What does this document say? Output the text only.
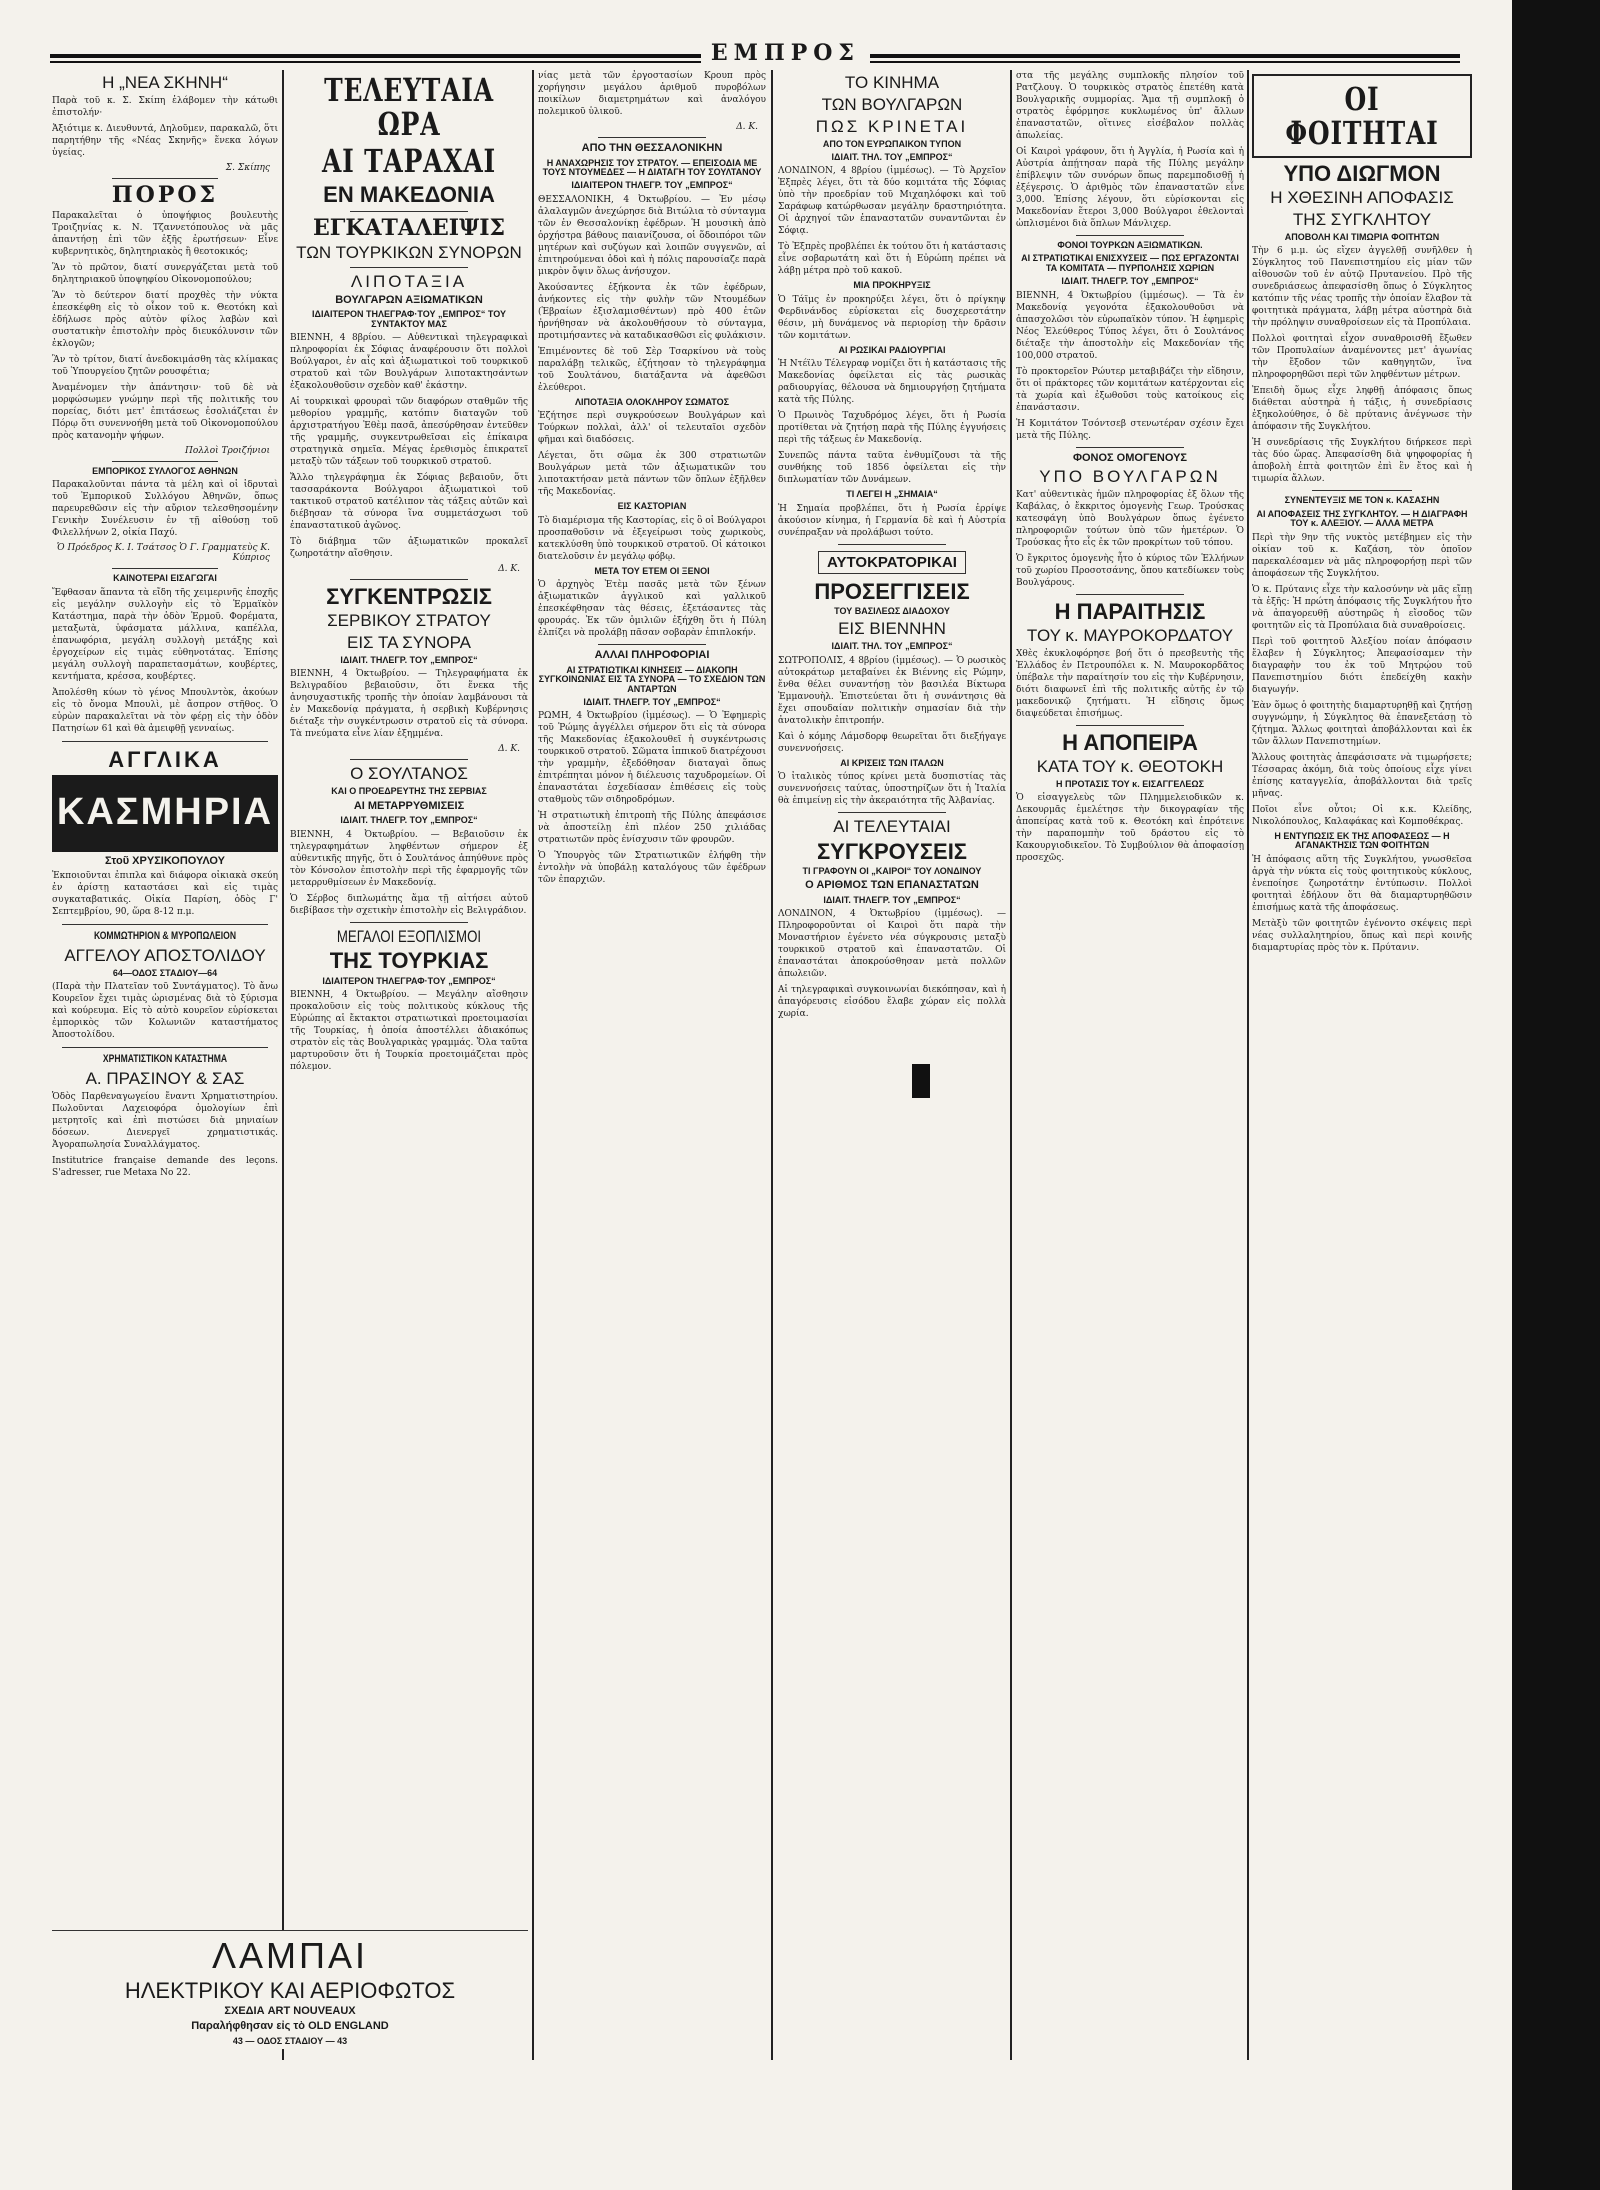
ΕΜΠΡΟΣ
Η „ΝΕΑ ΣΚΗΝΗ“

Παρὰ τοῦ κ. Σ. Σκίπη ἐλάβομεν τὴν κάτωθι ἐπιστολήν·

Ἀξιότιμε κ. Διευθυντά, Δηλοῦμεν, παρακαλῶ, ὅτι παρητήθην τῆς «Νέας Σκηνῆς» ἕνεκα λόγων ὑγείας.

Σ. Σκίπης
ΠΟΡΟΣ

Παρακαλεῖται ὁ ὑποψήφιος βουλευτὴς Τροιζηνίας κ. Ν. Τζαννετόπουλος νὰ μᾶς ἀπαντήσῃ ἐπὶ τῶν ἑξῆς ἐρωτήσεων· Εἶνε κυβερνητικὸς, δηλητηριακὸς ἢ θεοτοκικός;

Ἂν τὸ πρῶτον, διατί συνεργάζεται μετὰ τοῦ δηλητηριακοῦ ὑποψηφίου Οἰκονομοπούλου;

Ἂν τὸ δεύτερον διατί προχθὲς τὴν νύκτα ἐπεσκέφθη εἰς τὸ οἶκον τοῦ κ. Θεοτόκη καὶ ἐδήλωσε πρὸς αὐτὸν φίλος λαβὼν καὶ συστατικὴν ἐπιστολὴν πρὸς διευκόλυνσιν τῶν ἐκλογῶν;

Ἂν τὸ τρίτον, διατί ἀνεδοκιμάσθη τὰς κλίμακας τοῦ Ὑπουργείου ζητῶν ρουσφέτια;

Ἀναμένομεν τὴν ἀπάντησιν· τοῦ δὲ νὰ μορφώσωμεν γνώμην περὶ τῆς πολιτικῆς του πορείας, διότι μετ' ἐπιτάσεως ἐσολιάζεται ἐν Πόρῳ ὅτι συνεννοήθη μετὰ τοῦ Οἰκονομοπούλου πρὸς κατανομὴν ψήφων.

Πολλοὶ Τροιζήνιοι
ΕΜΠΟΡΙΚΟΣ ΣΥΛΛΟΓΟΣ ΑΘΗΝΩΝ

Παρακαλοῦνται πάντα τὰ μέλη καὶ οἱ ἱδρυταὶ τοῦ Ἐμπορικοῦ Συλλόγου Ἀθηνῶν, ὅπως παρευρεθῶσιν εἰς τὴν αὔριον τελεσθησομένην Γενικὴν Συνέλευσιν ἐν τῇ αἰθούσῃ τοῦ Φιλελλήνων 2, οἰκία Παχύ.

Ὁ Πρόεδρος Κ. Ι. Τσάτσος Ὁ Γ. Γραμματεὺς Κ. Κύπριος
ΚΑΙΝΟΤΕΡΑΙ ΕΙΣΑΓΩΓΑΙ

Ἔφθασαν ἅπαντα τὰ εἴδη τῆς χειμερινῆς ἐποχῆς εἰς μεγάλην συλλογὴν εἰς τὸ Ἑρμαϊκὸν Κατάστημα, παρὰ τὴν ὁδὸν Ἑρμοῦ. Φορέματα, μεταξωτὰ, ὑφάσματα μάλλινα, καπέλλα, ἐπανωφόρια, μεγάλη συλλογὴ μετάξης καὶ ἐργοχείρων εἰς τιμὰς εὐθηνοτάτας. Ἐπίσης μεγάλη συλλογὴ παραπετασμάτων, κουβέρτες, κεντήματα, κρέσσα, κουβέρτες.

Ἀπολέσθη κύων τὸ γένος Μπουλντὸκ, ἀκούων εἰς τὸ ὄνομα Μπουλὶ, μὲ ἄσπρον στῆθος. Ὁ εὑρὼν παρακαλεῖται νὰ τὸν φέρῃ εἰς τὴν ὁδὸν Πατησίων 61 καὶ θὰ ἀμειφθῇ γενναίως.

ΑΓΓΛΙΚΑ
ΚΑΣΜΗΡΙΑ
Στοῦ ΧΡΥΣΙΚΟΠΟΥΛΟΥ

Ἐκποιοῦνται ἐπιπλα καὶ διάφορα οἰκιακὰ σκεύη ἐν ἀρίστῃ καταστάσει καὶ εἰς τιμὰς συγκαταβατικάς. Οἰκία Παρίση, ὁδὸς Γ' Σεπτεμβρίου, 90, ὥρα 8-12 π.μ.

ΚΟΜΜΩΤΗΡΙΟΝ & ΜΥΡΟΠΩΛΕΙΟΝ
ΑΓΓΕΛΟΥ ΑΠΟΣΤΟΛΙΔΟΥ
64—ΟΔΟΣ ΣΤΑΔΙΟΥ—64

(Παρὰ τὴν Πλατεῖαν τοῦ Συντάγματος). Τὸ ἄνω Κουρεῖον ἔχει τιμὰς ὡρισμένας διὰ τὸ ξύρισμα καὶ κούρευμα. Εἰς τὸ αὐτὸ κουρεῖον εὑρίσκεται ἐμπορικὸς τῶν Κολωνιῶν καταστήματος Ἀποστολίδου.

ΧΡΗΜΑΤΙΣΤΙΚΟΝ ΚΑΤΑΣΤΗΜΑ
Α. ΠΡΑΣΙΝΟΥ & ΣΑΣ

Ὁδὸς Παρθεναγωγείου ἔναντι Χρηματιστηρίου. Πωλοῦνται Λαχειοφόρα ὁμολογίων ἐπὶ μετρητοῖς καὶ ἐπὶ πιστώσει διὰ μηνιαίων δόσεων. Διενεργεῖ χρηματιστικάς. Ἀγοραπωλησία Συναλλάγματος.

Institutrice française demande des leçons. S'adresser, rue Metaxa No 22.

ΤΕΛΕΥΤΑΙΑ ΩΡΑ
ΑΙ ΤΑΡΑΧΑΙ
ΕΝ ΜΑΚΕΔΟΝΙΑ
ΕΓΚΑΤΑΛΕΙΨΙΣ
ΤΩΝ ΤΟΥΡΚΙΚΩΝ ΣΥΝΟΡΩΝ
ΛΙΠΟΤΑΞΙΑ
ΒΟΥΛΓΑΡΩΝ ΑΞΙΩΜΑΤΙΚΩΝ
ΙΔΙΑΙΤΕΡΟΝ ΤΗΛΕΓΡΑΦ·ΤΟΥ „ΕΜΠΡΟΣ“ ΤΟΥ ΣΥΝΤΑΚΤΟΥ ΜΑΣ

ΒΙΕΝΝΗ, 4 8βρίου. — Αὐθεντικαὶ τηλεγραφικαὶ πληροφορίαι ἐκ Σόφιας ἀναφέρουσιν ὅτι πολλοὶ Βούλγαροι, ἐν αἷς καὶ ἀξιωματικοὶ τοῦ τουρκικοῦ στρατοῦ καὶ τῶν Βουλγάρων λιποτακτησάντων ἐξακολουθοῦσιν σχεδὸν καθ' ἑκάστην.

Αἱ τουρκικαὶ φρουραὶ τῶν διαφόρων σταθμῶν τῆς μεθορίου γραμμῆς, κατόπιν διαταγῶν τοῦ ἀρχιστρατήγου Ἐθὲμ πασᾶ, ἀπεσύρθησαν ἐντεῦθεν τῆς γραμμῆς, συγκεντρωθεῖσαι εἰς ἐπίκαιρα στρατηγικὰ σημεῖα. Μέγας ἐρεθισμὸς ἐπικρατεῖ μεταξὺ τῶν τάξεων τοῦ τουρκικοῦ στρατοῦ.

Ἄλλο τηλεγράφημα ἐκ Σόφιας βεβαιοῦν, ὅτι τασσαράκοντα Βούλγαροι ἀξιωματικοὶ τοῦ τακτικοῦ στρατοῦ κατέλιπον τὰς τάξεις αὐτῶν καὶ διέβησαν τὰ σύνορα ἵνα συμμετάσχωσι τοῦ ἐπαναστατικοῦ ἀγῶνος.

Τὸ διάβημα τῶν ἀξιωματικῶν προκαλεῖ ζωηροτάτην αἴσθησιν.

Δ. Κ.
ΣΥΓΚΕΝΤΡΩΣΙΣ
ΣΕΡΒΙΚΟΥ ΣΤΡΑΤΟΥ
ΕΙΣ ΤΑ ΣΥΝΟΡΑ
ΙΔΙΑΙΤ. ΤΗΛΕΓΡ. ΤΟΥ „ΕΜΠΡΟΣ“

ΒΙΕΝΝΗ, 4 Ὀκτωβρίου. — Τηλεγραφήματα ἐκ Βελιγραδίου βεβαιοῦσιν, ὅτι ἕνεκα τῆς ἀνησυχαστικῆς τροπῆς τὴν ὁποίαν λαμβάνουσι τὰ ἐν Μακεδονίᾳ πράγματα, ἡ σερβικὴ Κυβέρνησις διέταξε τὴν συγκέντρωσιν στρατοῦ εἰς τὰ σύνορα. Τὰ πνεύματα εἶνε λίαν ἐξημμένα.

Δ. Κ.
Ο ΣΟΥΛΤΑΝΟΣ
ΚΑΙ Ο ΠΡΟΕΔΡΕΥΤΗΣ ΤΗΣ ΣΕΡΒΙΑΣ
ΑΙ ΜΕΤΑΡΡΥΘΜΙΣΕΙΣ
ΙΔΙΑΙΤ. ΤΗΛΕΓΡ. ΤΟΥ „ΕΜΠΡΟΣ“

ΒΙΕΝΝΗ, 4 Ὀκτωβρίου. — Βεβαιοῦσιν ἐκ τηλεγραφημάτων ληφθέντων σήμερον ἐξ αὐθεντικῆς πηγῆς, ὅτι ὁ Σουλτάνος ἀπηύθυνε πρὸς τὸν Κόνσολον ἐπιστολὴν περὶ τῆς ἐφαρμογῆς τῶν μεταρρυθμίσεων ἐν Μακεδονίᾳ.

Ὁ Σέρβος διπλωμάτης ἅμα τῇ αἰτήσει αὐτοῦ διεβίβασε τὴν σχετικὴν ἐπιστολὴν εἰς Βελιγράδιον.

ΜΕΓΑΛΟΙ ΕΞΟΠΛΙΣΜΟΙ
ΤΗΣ ΤΟΥΡΚΙΑΣ
ΙΔΙΑΙΤΕΡΟΝ ΤΗΛΕΓΡΑΦ·ΤΟΥ „ΕΜΠΡΟΣ“

ΒΙΕΝΝΗ, 4 Ὀκτωβρίου. — Μεγάλην αἴσθησιν προκαλοῦσιν εἰς τοὺς πολιτικοὺς κύκλους τῆς Εὐρώπης αἱ ἔκτακτοι στρατιωτικαὶ προετοιμασίαι τῆς Τουρκίας, ἡ ὁποία ἀποστέλλει ἀδιακόπως στρατὸν εἰς τὰς Βουλγαρικὰς γραμμάς. Ὅλα ταῦτα μαρτυροῦσιν ὅτι ἡ Τουρκία προετοιμάζεται πρὸς πόλεμον.

νίας μετὰ τῶν ἐργοστασίων Κρουπ πρὸς χορήγησιν μεγάλου ἀριθμοῦ πυροβόλων ποικίλων διαμετρημάτων καὶ ἀναλόγου πολεμικοῦ ὑλικοῦ.

Δ. Κ.
ΑΠΟ ΤΗΝ ΘΕΣΣΑΛΟΝΙΚΗΝ
Η ΑΝΑΧΩΡΗΣΙΣ ΤΟΥ ΣΤΡΑΤΟΥ. — ΕΠΕΙΣΟΔΙΑ ΜΕ ΤΟΥΣ ΝΤΟΥΜΕΔΕΣ — Η ΔΙΑΤΑΓΗ ΤΟΥ ΣΟΥΛΤΑΝΟΥ
ΙΔΙΑΙΤΕΡΟΝ ΤΗΛΕΓΡ. ΤΟΥ „ΕΜΠΡΟΣ“

ΘΕΣΣΑΛΟΝΙΚΗ, 4 Ὀκτωβρίου. — Ἐν μέσῳ ἀλαλαγμῶν ἀνεχώρησε διὰ Βιτώλια τὸ σύνταγμα τῶν ἐν Θεσσαλονίκῃ ἐφέδρων. Ἡ μουσικὴ ἀπὸ ὀρχήστρα βάθους παιανίζουσα, οἱ ὅδοιπόροι τῶν μητέρων καὶ συζύγων καὶ λοιπῶν συγγενῶν, αἱ ἐπιτηρούμεναι ὁδοὶ καὶ ἡ πόλις παρουσίαζε παρὰ μικρὸν ὄψιν ὅλως ἀνήσυχον.

Ἀκούσαντες ἐξήκοντα ἐκ τῶν ἐφέδρων, ἀνήκοντες εἰς τὴν φυλὴν τῶν Ντουμέδων (Ἑβραίων ἐξισλαμισθέντων) πρὸ 400 ἐτῶν ἠρνήθησαν νὰ ἀκολουθήσουν τὸ σύνταγμα, προτιμήσαντες νὰ καταδικασθῶσι εἰς φυλάκισιν.

Ἐπιμένοντες δὲ τοῦ Σὲρ Τσαρκίνου νὰ τοὺς παραλάβῃ τελικῶς, ἐζήτησαν τὸ τηλεγράφημα τοῦ Σουλτάνου, διατάξαντα νὰ ἀφεθῶσι ἐλεύθεροι.

ΛΙΠΟΤΑΞΙΑ ΟΛΟΚΛΗΡΟΥ ΣΩΜΑΤΟΣ

Ἐζήτησε περὶ συγκρούσεων Βουλγάρων καὶ Τούρκων πολλαὶ, ἀλλ' οἱ τελευταῖοι σχεδὸν φῆμαι καὶ διαδόσεις.

Λέγεται, ὅτι σῶμα ἐκ 300 στρατιωτῶν Βουλγάρων μετὰ τῶν ἀξιωματικῶν του λιποτακτήσαν μετὰ πάντων τῶν ὅπλων ἐξῆλθεν τῆς Μακεδονίας.

ΕΙΣ ΚΑΣΤΟΡΙΑΝ

Τὸ διαμέρισμα τῆς Καστορίας, εἰς ὃ οἱ Βούλγαροι προσπαθοῦσιν νὰ ἐξεγείρωσι τοὺς χωρικοὺς, κατεκλύσθη ὑπὸ τουρκικοῦ στρατοῦ. Οἱ κάτοικοι διατελοῦσιν ἐν μεγάλῳ φόβῳ.

ΜΕΤΑ ΤΟΥ ΕΤΕΜ ΟΙ ΞΕΝΟΙ

Ὁ ἀρχηγὸς Ἐτὲμ πασᾶς μετὰ τῶν ξένων ἀξιωματικῶν ἀγγλικοῦ καὶ γαλλικοῦ ἐπεσκέφθησαν τὰς θέσεις, ἐξετάσαντες τὰς φρουράς. Ἐκ τῶν ὁμιλιῶν ἐξήχθη ὅτι ἡ Πύλη ἐλπίζει νὰ προλάβῃ πᾶσαν σοβαρὰν ἐπιπλοκήν.

ΑΛΛΑΙ ΠΛΗΡΟΦΟΡΙΑΙ
ΑΙ ΣΤΡΑΤΙΩΤΙΚΑΙ ΚΙΝΗΣΕΙΣ — ΔΙΑΚΟΠΗ ΣΥΓΚΟΙΝΩΝΙΑΣ ΕΙΣ ΤΑ ΣΥΝΟΡΑ — ΤΟ ΣΧΕΔΙΟΝ ΤΩΝ ΑΝΤΑΡΤΩΝ
ΙΔΙΑΙΤ. ΤΗΛΕΓΡ. ΤΟΥ „ΕΜΠΡΟΣ“

ΡΩΜΗ, 4 Ὀκτωβρίου (ἰμμέσως). — Ὁ Ἐφημερὶς τοῦ Ῥώμης ἀγγέλλει σήμερον ὅτι εἰς τὰ σύνορα τῆς Μακεδονίας ἐξακολουθεῖ ἡ συγκέντρωσις τουρκικοῦ στρατοῦ. Σῶματα ἱππικοῦ διατρέχουσι τὴν γραμμὴν, ἐξεδόθησαν διαταγαὶ ὅπως ἐπιτρέπηται μόνον ἡ διέλευσις ταχυδρομείων. Οἱ ἐπαναστάται ἐσχεδίασαν ἐπιθέσεις εἰς τοὺς σταθμοὺς τῶν σιδηροδρόμων.

Ἡ στρατιωτικὴ ἐπιτροπὴ τῆς Πύλης ἀπεφάσισε νὰ ἀποστείλῃ ἐπὶ πλέον 250 χιλιάδας στρατιωτῶν πρὸς ἐνίσχυσιν τῶν φρουρῶν.

Ὁ Ὑπουργὸς τῶν Στρατιωτικῶν ἐλήφθη τὴν ἐντολὴν νὰ ὑποβάλῃ καταλόγους τῶν ἐφέδρων τῶν ἐπαρχιῶν.

ΤΟ ΚΙΝΗΜΑ
ΤΩΝ ΒΟΥΛΓΑΡΩΝ
ΠΩΣ ΚΡΙΝΕΤΑΙ
ΑΠΟ ΤΟΝ ΕΥΡΩΠΑΙΚΟΝ ΤΥΠΟΝ
ΙΔΙΑΙΤ. ΤΗΛ. ΤΟΥ „ΕΜΠΡΟΣ“

ΛΟΝΔΙΝΟΝ, 4 8βρίου (ἰμμέσως). — Τὸ Ἀρχεῖον Ἐξπρὲς λέγει, ὅτι τὰ δύο κομιτάτα τῆς Σόφιας ὑπὸ τὴν προεδρίαν τοῦ Μιχαηλόφσκι καὶ τοῦ Σαράφωφ κατώρθωσαν μεγάλην δραστηριότητα. Οἱ ἀρχηγοί τῶν ἐπαναστατῶν συναντῶνται ἐν Σόφιᾳ.

Τὸ Ἐξπρὲς προβλέπει ἐκ τούτου ὅτι ἡ κατάστασις εἶνε σοβαρωτάτη καὶ ὅτι ἡ Εὐρώπη πρέπει νὰ λάβῃ μέτρα πρὸ τοῦ κακοῦ.

ΜΙΑ ΠΡΟΚΗΡΥΞΙΣ

Ὁ Τάϊμς ἐν προκηρύξει λέγει, ὅτι ὁ πρίγκηψ Φερδινάνδος εὑρίσκεται εἰς δυσχερεστάτην θέσιν, μὴ δυνάμενος νὰ περιορίσῃ τὴν δρᾶσιν τῶν κομιτάτων.

ΑΙ ΡΩΣΙΚΑΙ ΡΑΔΙΟΥΡΓΙΑΙ

Ἡ Ντέϊλυ Τέλεγραφ νομίζει ὅτι ἡ κατάστασις τῆς Μακεδονίας ὀφείλεται εἰς τὰς ρωσικὰς ραδιουργίας, θέλουσα νὰ δημιουργήσῃ ζητήματα κατὰ τῆς Πύλης.

Ὁ Πρωινὸς Ταχυδρόμος λέγει, ὅτι ἡ Ρωσία προτίθεται νὰ ζητήσῃ παρὰ τῆς Πύλης ἐγγυήσεις περὶ τῆς τάξεως ἐν Μακεδονίᾳ.

Συνεπῶς πάντα ταῦτα ἐνθυμίζουσι τὰ τῆς συνθήκης τοῦ 1856 ὀφείλεται εἰς τὴν διπλωματίαν τῶν Δυνάμεων.

ΤΙ ΛΕΓΕΙ Η „ΣΗΜΑΙΑ“

Ἡ Σημαία προβλέπει, ὅτι ἡ Ρωσία ἐρρίψε ἀκούσιον κίνημα, ἡ Γερμανία δὲ καὶ ἡ Αὐστρία συνέπραξαν νὰ προλάβωσι τούτο.

ΑΥΤΟΚΡΑΤΟΡΙΚΑΙ
ΠΡΟΣΕΓΓΙΣΕΙΣ
ΤΟΥ ΒΑΣΙΛΕΩΣ ΔΙΑΔΟΧΟΥ
ΕΙΣ ΒΙΕΝΝΗΝ
ΙΔΙΑΙΤ. ΤΗΛ. ΤΟΥ „ΕΜΠΡΟΣ“

ΣΩΤΡΟΠΟΛΙΣ, 4 8βρίου (ἰμμέσως). — Ὁ ρωσικὸς αὐτοκράτωρ μεταβαίνει ἐκ Βιέννης εἰς Ρώμην, ἔνθα θέλει συναντήσῃ τὸν βασιλέα Βίκτωρα Ἐμμανουὴλ. Ἐπιστεύεται ὅτι ἡ συνάντησις θὰ ἔχει σπουδαίαν πολιτικὴν σημασίαν διὰ τὴν ἀνατολικὴν ἐπιτροπήν.

Καὶ ὁ κόμης Λάμσδορφ θεωρεῖται ὅτι διεξήγαγε συνεννοήσεις.

ΑΙ ΚΡΙΣΕΙΣ ΤΩΝ ΙΤΑΛΩΝ

Ὁ ἰταλικὸς τύπος κρίνει μετὰ δυσπιστίας τὰς συνεννοήσεις ταύτας, ὑποστηρίζων ὅτι ἡ Ἰταλία θὰ ἐπιμείνῃ εἰς τὴν ἀκεραιότητα τῆς Ἀλβανίας.

ΑΙ ΤΕΛΕΥΤΑΙΑΙ
ΣΥΓΚΡΟΥΣΕΙΣ
ΤΙ ΓΡΑΦΟΥΝ ΟΙ „ΚΑΙΡΟΙ“ ΤΟΥ ΛΟΝΔΙΝΟΥ
Ο ΑΡΙΘΜΟΣ ΤΩΝ ΕΠΑΝΑΣΤΑΤΩΝ
ΙΔΙΑΙΤ. ΤΗΛΕΓΡ. ΤΟΥ „ΕΜΠΡΟΣ“

ΛΟΝΔΙΝΟΝ, 4 Ὀκτωβρίου (ἰμμέσως). — Πληροφοροῦνται οἱ Καιροὶ ὅτι παρὰ τὴν Μοναστήριον ἐγένετο νέα σύγκρουσις μεταξὺ τουρκικοῦ στρατοῦ καὶ ἐπαναστατῶν. Οἱ ἐπαναστάται ἀποκρούσθησαν μετὰ πολλῶν ἀπωλειῶν.

Αἱ τηλεγραφικαὶ συγκοινωνίαι διεκόπησαν, καὶ ἡ ἀπαγόρευσις εἰσόδου ἔλαβε χώραν εἰς πολλὰ χωρία.

στα τῆς μεγάλης συμπλοκῆς πλησίον τοῦ Ρατζλουγ. Ὁ τουρκικὸς στρατὸς ἐπετέθη κατὰ Βουλγαρικῆς συμμορίας. Ἅμα τῇ συμπλοκῇ ὁ στρατὸς ἐφόρμησε κυκλωμένος ὑπ' ἄλλων ἐπαναστατῶν, οἵτινες εἰσέβαλον πολλὰς ἀπωλείας.

Οἱ Καιροὶ γράφουν, ὅτι ἡ Ἀγγλία, ἡ Ρωσία καὶ ἡ Αὐστρία ἀπῄτησαν παρὰ τῆς Πύλης μεγάλην ἐπίβλεψιν τῶν συνόρων ὅπως παρεμποδισθῇ ἡ ἐξέγερσις. Ὁ ἀριθμὸς τῶν ἐπαναστατῶν εἶνε 3,000. Ἐπίσης λέγουν, ὅτι εὑρίσκονται εἰς Μακεδονίαν ἕτεροι 3,000 Βούλγαροι ἐθελονταὶ ὡπλισμένοι διὰ ὅπλων Μάνλιχερ.

ΦΟΝΟΙ ΤΟΥΡΚΩΝ ΑΞΙΩΜΑΤΙΚΩΝ.
ΑΙ ΣΤΡΑΤΙΩΤΙΚΑΙ ΕΝΙΣΧΥΣΕΙΣ — ΠΩΣ ΕΡΓΑΖΟΝΤΑΙ ΤΑ ΚΟΜΙΤΑΤΑ — ΠΥΡΠΟΛΗΣΙΣ ΧΩΡΙΩΝ
ΙΔΙΑΙΤ. ΤΗΛΕΓΡ. ΤΟΥ „ΕΜΠΡΟΣ“

ΒΙΕΝΝΗ, 4 Ὀκτωβρίου (ἰμμέσως). — Τὰ ἐν Μακεδονίᾳ γεγονότα ἐξακολουθοῦσι νὰ ἀπασχολῶσι τὸν εὐρωπαϊκὸν τύπον. Ἡ ἐφημερὶς Νέος Ἐλεύθερος Τύπος λέγει, ὅτι ὁ Σουλτάνος διέταξε τὴν ἀποστολὴν εἰς Μακεδονίαν τῆς 100,000 στρατοῦ.

Τὸ προκτορεῖον Ρώυτερ μεταβιβάζει τὴν εἴδησιν, ὅτι οἱ πράκτορες τῶν κομιτάτων κατέρχονται εἰς τὰ χωρία καὶ ἐξωθοῦσι τοὺς κατοίκους εἰς ἐπανάστασιν.

Ἡ Κομιτάτον Τσόντσεβ στενωτέραν σχέσιν ἔχει μετὰ τῆς Πύλης.

ΦΟΝΟΣ ΟΜΟΓΕΝΟΥΣ
ΥΠΟ ΒΟΥΛΓΑΡΩΝ

Κατ' αὐθεντικὰς ἡμῶν πληροφορίας ἐξ ὅλων τῆς Καβάλας, ὁ ἔκκριτος ὁμογενὴς Γεωρ. Τρούσκας κατεσφάγη ὑπὸ Βουλγάρων ὅπως ἐγένετο πληροφοριῶν τούτων ὑπὸ τῶν ἡμετέρων. Ὁ Τρούσκας ἦτο εἷς ἐκ τῶν προκρίτων τοῦ τόπου.

Ὁ ἔγκριτος ὁμογενὴς ἦτο ὁ κύριος τῶν Ἑλλήνων τοῦ χωρίου Προσοτσάνης, ὅπου κατεδίωκεν τοὺς Βουλγάρους.

Η ΠΑΡΑΙΤΗΣΙΣ
ΤΟΥ κ. ΜΑΥΡΟΚΟΡΔΑΤΟΥ

Χθὲς ἐκυκλοφόρησε βοή ὅτι ὁ πρεσβευτὴς τῆς Ἑλλάδος ἐν Πετρουπόλει κ. Ν. Μαυροκορδᾶτος ὑπέβαλε τὴν παραίτησίν του εἰς τὴν Κυβέρνησιν, διότι διαφωνεῖ ἐπὶ τῆς πολιτικῆς αὐτῆς ἐν τῷ μακεδονικῷ ζητήματι. Ἡ εἴδησις ὅμως διαψεύδεται ἐπισήμως.

Η ΑΠΟΠΕΙΡΑ
ΚΑΤΑ ΤΟΥ κ. ΘΕΟΤΟΚΗ
Η ΠΡΟΤΑΣΙΣ ΤΟΥ κ. ΕΙΣΑΓΓΕΛΕΩΣ

Ὁ εἰσαγγελεὺς τῶν Πλημμελειοδικῶν κ. Δεκουρμᾶς ἐμελέτησε τὴν δικογραφίαν τῆς ἀποπείρας κατὰ τοῦ κ. Θεοτόκη καὶ ἐπρότεινε τὴν παραπομπὴν τοῦ δράστου εἰς τὸ Κακουργιοδικεῖον. Τὸ Συμβούλιον θὰ ἀποφασίσῃ προσεχῶς.

ΟΙ ΦΟΙΤΗΤΑΙ
ΥΠΟ ΔΙΩΓΜΟΝ
Η ΧΘΕΣΙΝΗ ΑΠΟΦΑΣΙΣ
ΤΗΣ ΣΥΓΚΛΗΤΟΥ
ΑΠΟΒΟΛΗ ΚΑΙ ΤΙΜΩΡΙΑ ΦΟΙΤΗΤΩΝ

Τὴν 6 μ.μ. ὡς εἴχεν ἀγγελθῇ συνῆλθεν ἡ Σύγκλητος τοῦ Πανεπιστημίου εἰς μίαν τῶν αἰθουσῶν τοῦ ἐν αὐτῷ Πρυτανείου. Πρὸ τῆς συνεδριάσεως ἀπεφασίσθη ὅπως ὁ Σύγκλητος κατόπιν τῆς νέας τροπῆς τὴν ὁποίαν ἔλαβον τὰ φοιτητικὰ πράγματα, λάβῃ μέτρα αὐστηρὰ διὰ τὴν πρόληψιν συναθροίσεων εἰς τὰ Προπύλαια.

Πολλοὶ φοιτηταὶ εἶχον συναθροισθῆ ἔξωθεν τῶν Προπυλαίων ἀναμένοντες μετ' ἀγωνίας τὴν ἔξοδον τῶν καθηγητῶν, ἵνα πληροφορηθῶσι περὶ τῶν ληφθέντων μέτρων.

Ἐπειδὴ ὅμως εἶχε ληφθῇ ἀπόφασις ὅπως διάθεται αὐστηρὰ ἡ τάξις, ἡ συνεδρίασις ἐξηκολούθησε, ὁ δὲ πρύτανις ἀνέγνωσε τὴν ἀπόφασιν τῆς Συγκλήτου.

Ἡ συνεδρίασις τῆς Συγκλήτου διήρκεσε περὶ τὰς δύο ὥρας. Ἀπεφασίσθη διὰ ψηφοφορίας ἡ ἀποβολὴ ἑπτὰ φοιτητῶν ἐπὶ ἓν ἔτος καὶ ἡ τιμωρία ἄλλων.

ΣΥΝΕΝΤΕΥΞΙΣ ΜΕ ΤΟΝ κ. ΚΑΣΑΣΗΝ
ΑΙ ΑΠΟΦΑΣΕΙΣ ΤΗΣ ΣΥΓΚΛΗΤΟΥ. — Η ΔΙΑΓΡΑΦΗ ΤΟΥ κ. ΑΛΕΞΙΟΥ. — ΑΛΛΑ ΜΕΤΡΑ

Περὶ τὴν 9ην τῆς νυκτὸς μετέβημεν εἰς τὴν οἰκίαν τοῦ κ. Καζάση, τὸν ὁποῖον παρεκαλέσαμεν νὰ μᾶς πληροφορήσῃ περὶ τῶν ἀποφάσεων τῆς Συγκλήτου.

Ὁ κ. Πρύτανις εἶχε τὴν καλοσύνην νὰ μᾶς εἴπῃ τὰ ἑξῆς: Ἡ πρώτη ἀπόφασις τῆς Συγκλήτου ἦτο νὰ ἀπαγορευθῇ αὐστηρῶς ἡ εἴσοδος τῶν φοιτητῶν εἰς τὰ Προπύλαια διὰ συναθροίσεις.

Περὶ τοῦ φοιτητοῦ Ἀλεξίου ποίαν ἀπόφασιν ἔλαβεν ἡ Σύγκλητος; Ἀπεφασίσαμεν τὴν διαγραφὴν του ἐκ τοῦ Μητρῴου τοῦ Πανεπιστημίου διότι ἐπεδείχθη κακὴν διαγωγήν.

Ἐὰν ὅμως ὁ φοιτητὴς διαμαρτυρηθῇ καὶ ζητήσῃ συγγνώμην, ἡ Σύγκλητος θὰ ἐπανεξετάσῃ τὸ ζήτημα. Ἄλλως φοιτηταὶ ἀποβάλλονται καὶ ἐκ τῶν ἄλλων Πανεπιστημίων.

Ἄλλους φοιτητὰς ἀπεφάσισατε νὰ τιμωρήσετε; Τέσσαρας ἀκόμη, διὰ τοὺς ὁποίους εἶχε γίνει ἐπίσης καταγγελία, ἀποβάλλονται διὰ τρεῖς μῆνας.

Ποῖοι εἶνε οὗτοι; Οἱ κ.κ. Κλείδης, Νικολόπουλος, Καλαφάκας καὶ Κομποθέκρας.

Η ΕΝΤΥΠΩΣΙΣ ΕΚ ΤΗΣ ΑΠΟΦΑΣΕΩΣ — Η ΑΓΑΝΑΚΤΗΣΙΣ ΤΩΝ ΦΟΙΤΗΤΩΝ

Ἡ ἀπόφασις αὕτη τῆς Συγκλήτου, γνωσθεῖσα ἀργὰ τὴν νύκτα εἰς τοὺς φοιτητικοὺς κύκλους, ἐνεποίησε ζωηροτάτην ἐντύπωσιν. Πολλοὶ φοιτηταὶ ἐδήλουν ὅτι θὰ διαμαρτυρηθῶσιν ἐπισήμως κατὰ τῆς ἀποφάσεως.

Μετὰξὺ τῶν φοιτητῶν ἐγένοντο σκέψεις περὶ νέας συλλαλητηρίου, ὅπως καὶ περὶ κοινῆς διαμαρτυρίας πρὸς τὸν κ. Πρύτανιν.

ΛΑΜΠΑΙ
ΗΛΕΚΤΡΙΚΟΥ ΚΑΙ ΑΕΡΙΟΦΩΤΟΣ
ΣΧΕΔΙΑ ART NOUVEAUX
Παραλήφθησαν εἰς τὸ OLD ENGLAND
43 — ΟΔΟΣ ΣΤΑΔΙΟΥ — 43
